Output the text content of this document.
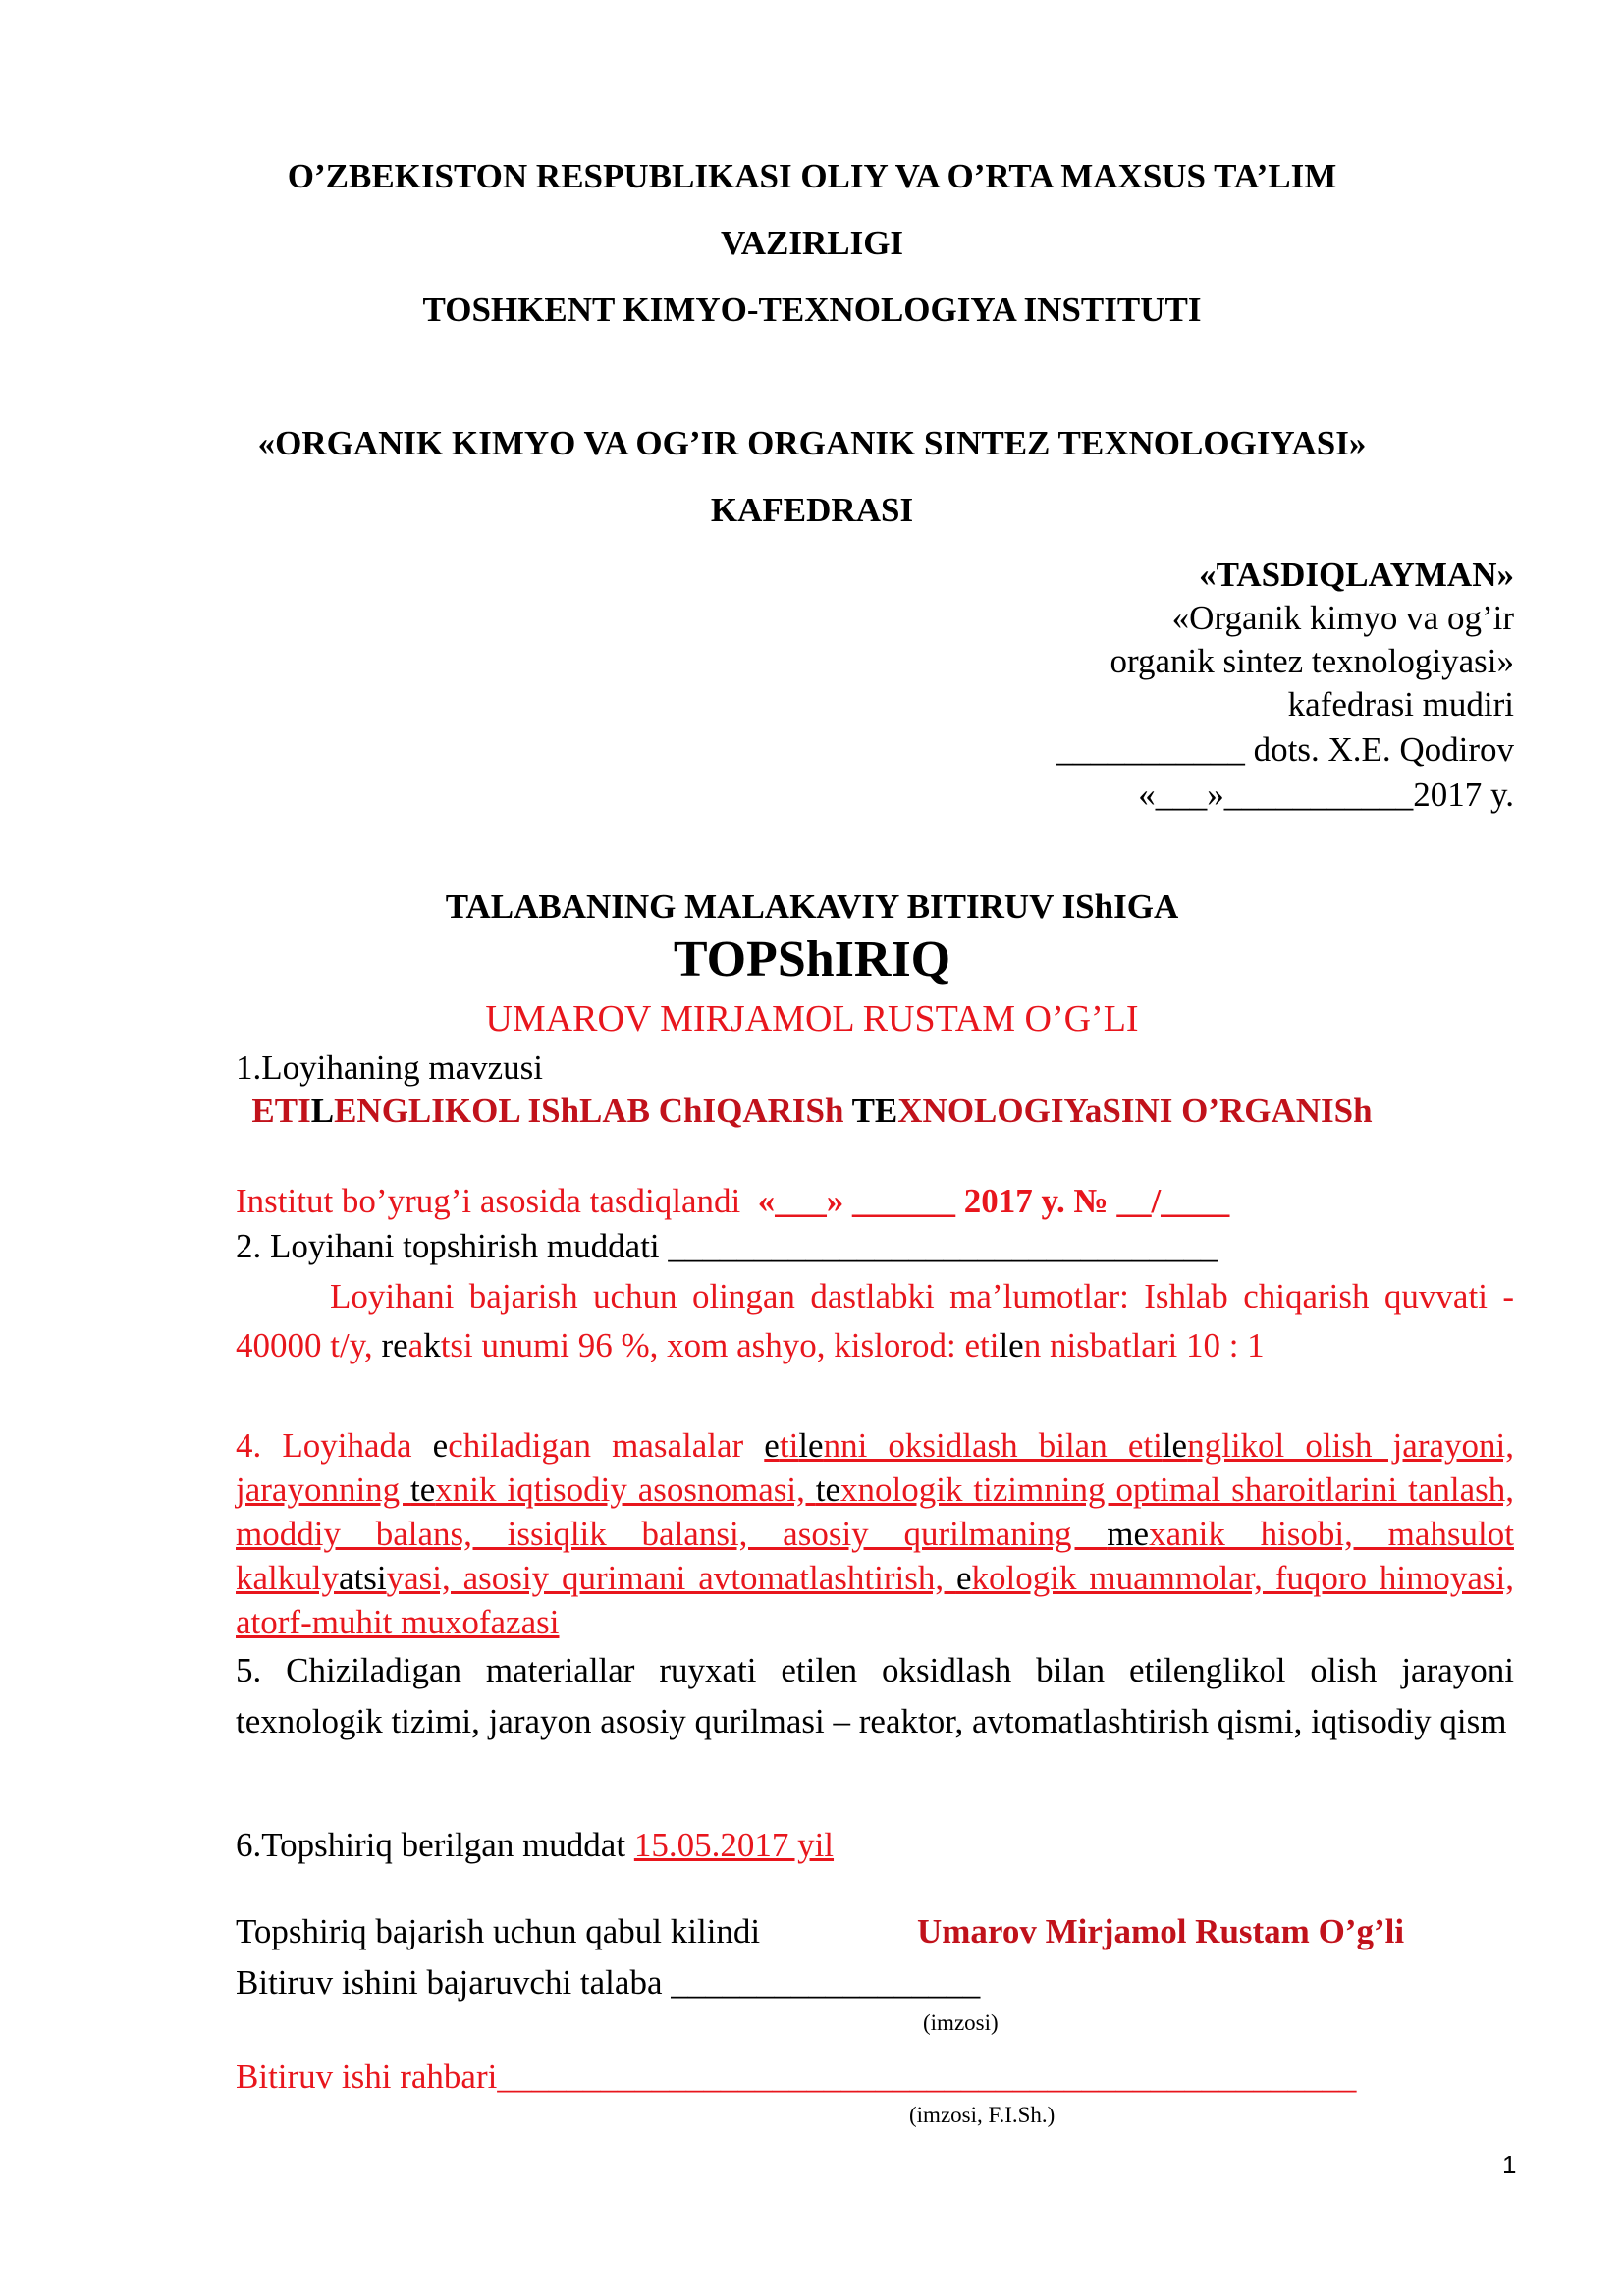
O’ZBEKISTON RESPUBLIKASI OLIY VA O’RTA MAXSUS TA’LIM
VAZIRLIGI
TOSHKENT KIMYO-TEXNOLOGIYA INSTITUTI
«ORGANIK KIMYO VA OG’IR ORGANIK SINTEZ TEXNOLOGIYASI»
KAFEDRASI
«TASDIQLAYMAN»
«Organik kimyo va og’ir
organik sintez texnologiyasi»
kafedrasi mudiri
___________ dots. X.E. Qodirov
«___»___________2017 y.
TALABANING MALAKAVIY BITIRUV IShIGA
TOPShIRIQ
UMAROV MIRJAMOL RUSTAM O’G’LI
1.Loyihaning mavzusi
ETILENGLIKOL IShLAB ChIQARISh TEXNOLOGIYaSINI O’RGANISh
Institut bo’yrug’i asosida tasdiqlandi «___» ______ 2017 y. № __/____
2. Loyihani topshirish muddati ________________________________
Loyihani bajarish uchun olingan dastlabki ma’lumotlar: Ishlab chiqarish quvvati - 40000 t/y, reaktsi unumi 96 %, xom ashyo, kislorod: etilen nisbatlari 10 : 1
4. Loyihada echiladigan masalalar etilenni oksidlash bilan etilenglikol olish jarayoni, jarayonning texnik iqtisodiy asosnomasi, texnologik tizimning optimal sharoitlarini tanlash, moddiy balans, issiqlik balansi, asosiy qurilmaning mexanik hisobi, mahsulot kalkulyatsiyasi, asosiy qurimani avtomatlashtirish, ekologik muammolar, fuqoro himoyasi, atorf-muhit muxofazasi
5. Chiziladigan materiallar ruyxati etilen oksidlash bilan etilenglikol olish jarayoni texnologik tizimi, jarayon asosiy qurilmasi – reaktor, avtomatlashtirish qismi, iqtisodiy qism
6.Topshiriq berilgan muddat 15.05.2017 yil
Topshiriq bajarish uchun qabul kilindi	Umarov Mirjamol Rustam O’g’li
Bitiruv ishini bajaruvchi talaba __________________
(imzosi)
Bitiruv ishi rahbari__________________________________________________
(imzosi, F.I.Sh.)
1
